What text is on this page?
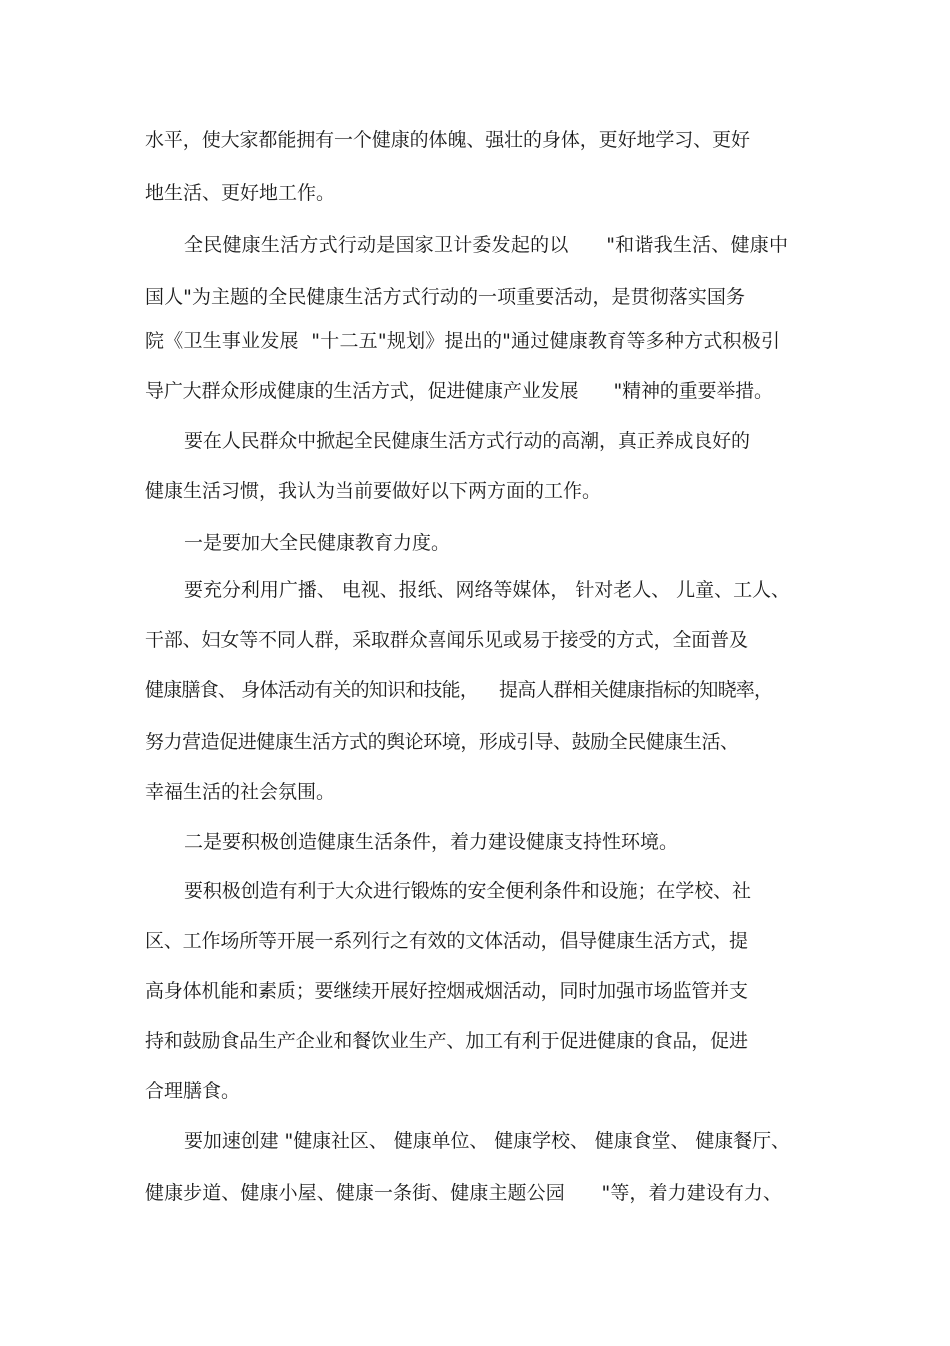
水平，使大家都能拥有一个健康的体魄、强壮的身体，更好地学习、更好
地生活、更好地工作。
全民健康生活方式行动是国家卫计委发起的以      "和谐我生活、健康中
国人"为主题的全民健康生活方式行动的一项重要活动，是贯彻落实国务
院《卫生事业发展  "十二五"规划》提出的"通过健康教育等多种方式积极引
导广大群众形成健康的生活方式，促进健康产业发展      "精神的重要举措。
要在人民群众中掀起全民健康生活方式行动的高潮，真正养成良好的
健康生活习惯，我认为当前要做好以下两方面的工作。
一是要加大全民健康教育力度。
要充分利用广播、 电视、报纸、网络等媒体， 针对老人、 儿童、工人、
干部、妇女等不同人群，采取群众喜闻乐见或易于接受的方式，全面普及
健康膳食、 身体活动有关的知识和技能，    提高人群相关健康指标的知晓率，
努力营造促进健康生活方式的舆论环境，形成引导、鼓励全民健康生活、
幸福生活的社会氛围。
二是要积极创造健康生活条件，着力建设健康支持性环境。
要积极创造有利于大众进行锻炼的安全便利条件和设施；在学校、社
区、工作场所等开展一系列行之有效的文体活动，倡导健康生活方式，提
高身体机能和素质；要继续开展好控烟戒烟活动，同时加强市场监管并支
持和鼓励食品生产企业和餐饮业生产、加工有利于促进健康的食品，促进
合理膳食。
要加速创建 "健康社区、 健康单位、 健康学校、 健康食堂、 健康餐厅、
健康步道、健康小屋、健康一条街、健康主题公园      "等，着力建设有力、
